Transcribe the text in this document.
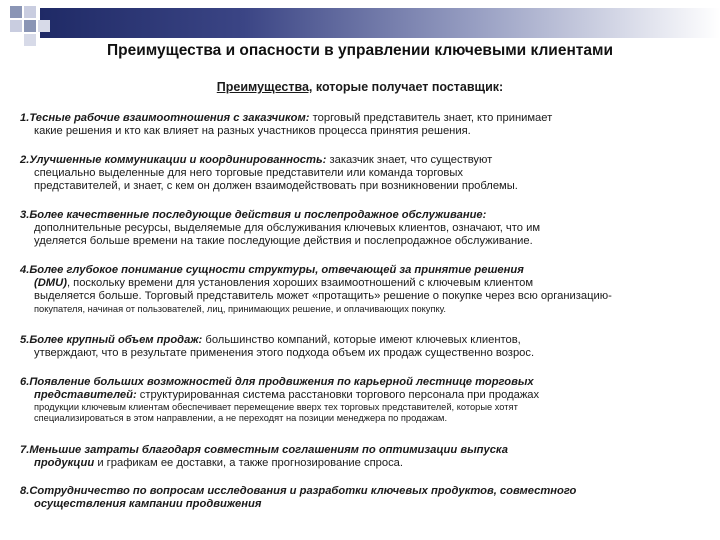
Преимущества и опасности в управлении ключевыми клиентами
Преимущества, которые получает поставщик:
1.Тесные рабочие взаимоотношения с заказчиком: торговый представитель знает, кто принимает
какие решения и кто как влияет на разных участников процесса принятия решения.
2.Улучшенные коммуникации и координированность: заказчик знает, что существуют
специально выделенные для него торговые представители или команда торговых
представителей, и знает, с кем он должен взаимодействовать при возникновении проблемы.
3.Более качественные последующие действия и послепродажное обслуживание:
дополнительные ресурсы, выделяемые для обслуживания ключевых клиентов, означают, что им
уделяется больше времени на такие последующие действия и послепродажное обслуживание.
4.Более глубокое понимание сущности структуры, отвечающей за принятие решения
(DMU), поскольку времени для установления хороших взаимоотношений с ключевым клиентом
выделяется больше. Торговый представитель может «протащить» решение о покупке через всю организацию-
покупателя, начиная от пользователей, лиц, принимающих решение, и оплачивающих покупку.
5.Более крупный объем продаж: большинство компаний, которые имеют ключевых клиентов,
утверждают, что в результате применения этого подхода объем их продаж существенно возрос.
6.Появление больших возможностей для продвижения по карьерной лестнице торговых
представителей: структурированная система расстановки торгового персонала при продажах
продукции ключевым клиентам обеспечивает перемещение вверх тех торговых представителей, которые хотят
специализироваться в этом направлении, а не переходят на позиции менеджера по продажам.
7.Меньшие затраты благодаря совместным соглашениям по оптимизации выпуска
продукции и графикам ее доставки, а также прогнозирование спроса.
8.Сотрудничество по вопросам исследования и разработки ключевых продуктов, совместного
осуществления кампании продвижения
